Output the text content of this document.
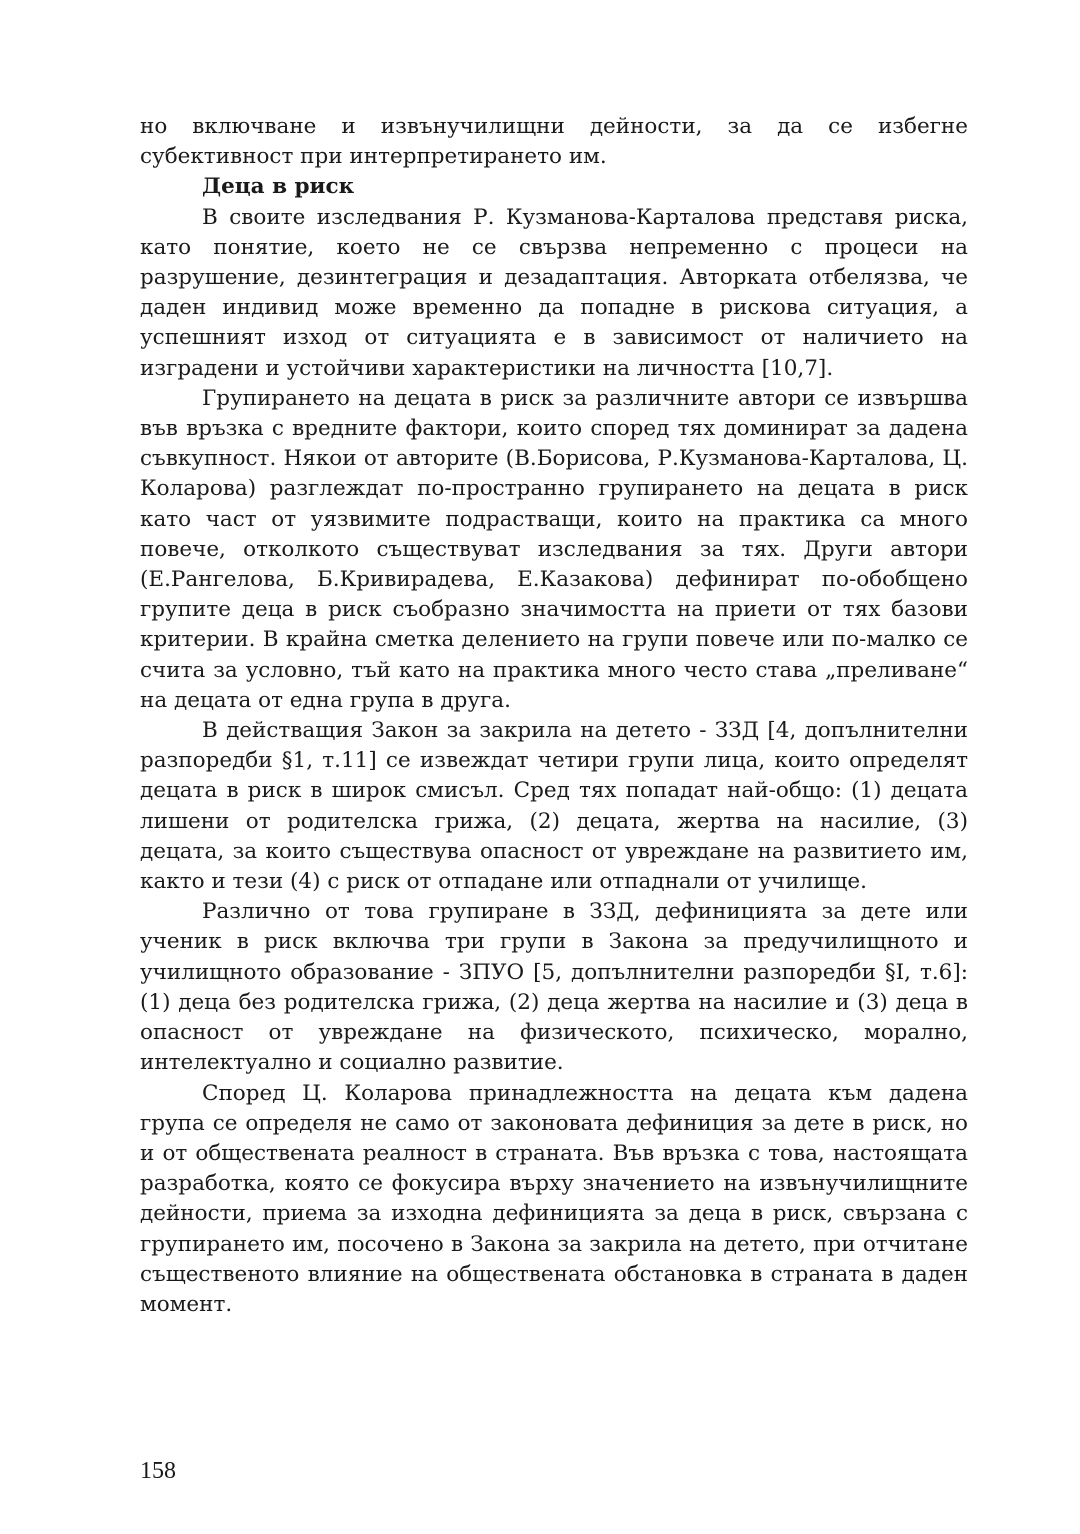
но включване и извънучилищни дейности, за да се избегне субективност при интерпретирането им.

Деца в риск

В своите изследвания Р. Кузманова-Карталова представя риска, като понятие, което не се свързва непременно с процеси на разрушение, дезинтеграция и дезадаптация. Авторката отбелязва, че даден индивид може временно да попадне в рискова ситуация, а успешният изход от ситуацията е в зависимост от наличието на изградени и устойчиви характеристики на личността [10,7].

Групирането на децата в риск за различните автори се извършва във връзка с вредните фактори, които според тях доминират за дадена съвкупност. Някои от авторите (В.Борисова, Р.Кузманова-Карталова, Ц. Коларова) разглеждат по-пространно групирането на децата в риск като част от уязвимите подрастващи, които на практика са много повече, отколкото съществуват изследвания за тях. Други автори (Е.Рангелова, Б.Кривирадева, Е.Казакова) дефинират по-обобщено групите деца в риск съобразно значимостта на приети от тях базови критерии. В крайна сметка делението на групи повече или по-малко се счита за условно, тъй като на практика много често става „преливане“ на децата от една група в друга.

В действащия Закон за закрила на детето - ЗЗД [4, допълнителни разпоредби §1, т.11] се извеждат четири групи лица, които определят децата в риск в широк смисъл. Сред тях попадат най-общо: (1) децата лишени от родителска грижа, (2) децата, жертва на насилие, (3) децата, за които съществува опасност от увреждане на развитието им, както и тези (4) с риск от отпадане или отпаднали от училище.

Различно от това групиране в ЗЗД, дефиницията за дете или ученик в риск включва три групи в Закона за предучилищното и училищното образование - ЗПУО [5, допълнителни разпоредби §I, т.6]: (1) деца без родителска грижа, (2) деца жертва на насилие и (3) деца в опасност от увреждане на физическото, психическо, морално, интелектуално и социално развитие.

Според Ц. Коларова принадлежността на децата към дадена група се определя не само от законовата дефиниция за дете в риск, но и от обществената реалност в страната. Във връзка с това, настоящата разработка, която се фокусира върху значението на извънучилищните дейности, приема за изходна дефиницията за деца в риск, свързана с групирането им, посочено в Закона за закрила на детето, при отчитане същественото влияние на обществената обстановка в страната в даден момент.

158
